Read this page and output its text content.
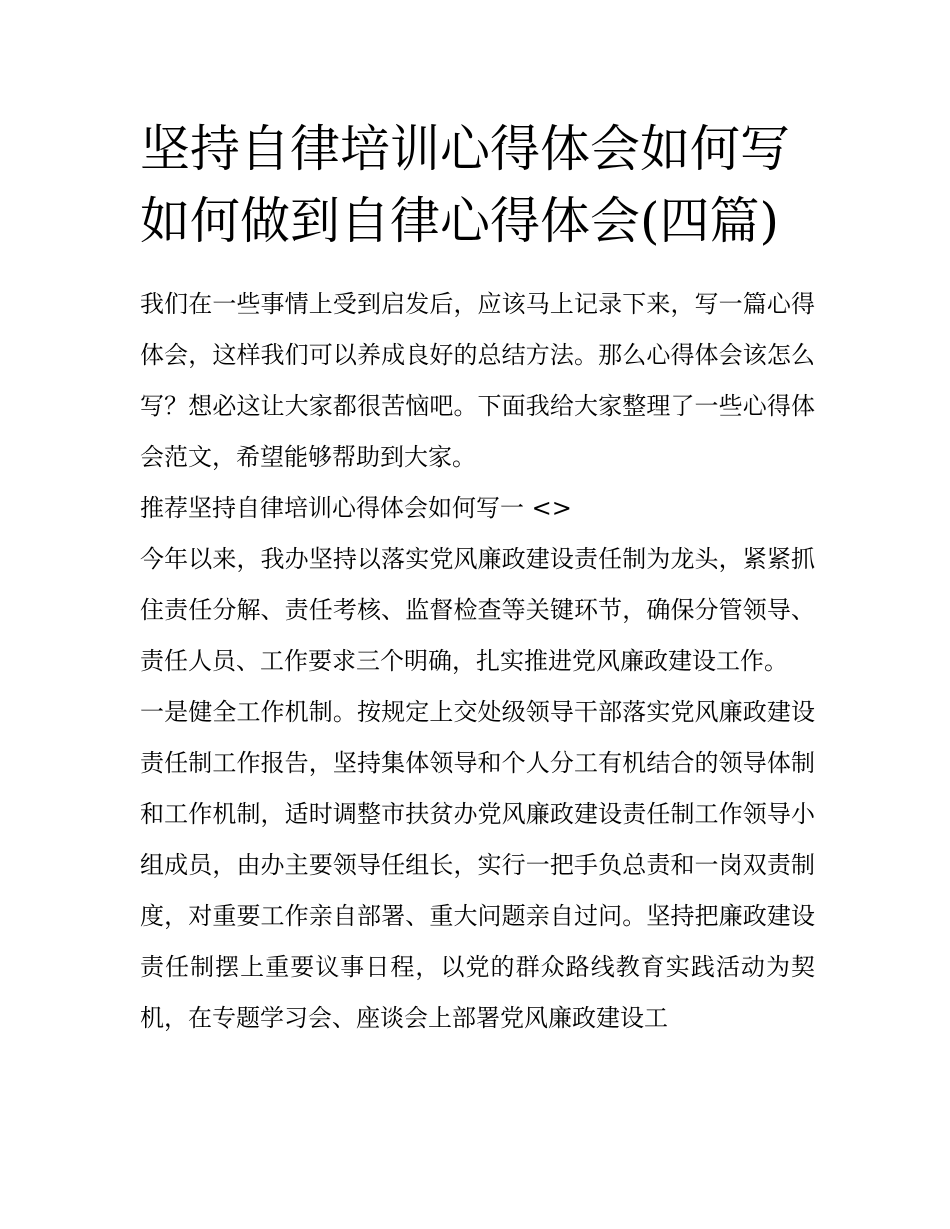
坚持自律培训心得体会如何写
如何做到自律心得体会(四篇)

我们在一些事情上受到启发后，应该马上记录下来，写一篇心得体会，这样我们可以养成良好的总结方法。那么心得体会该怎么写？想必这让大家都很苦恼吧。下面我给大家整理了一些心得体会范文，希望能够帮助到大家。

推荐坚持自律培训心得体会如何写一 <>

今年以来，我办坚持以落实党风廉政建设责任制为龙头，紧紧抓住责任分解、责任考核、监督检查等关键环节，确保分管领导、责任人员、工作要求三个明确，扎实推进党风廉政建设工作。

一是健全工作机制。按规定上交处级领导干部落实党风廉政建设责任制工作报告，坚持集体领导和个人分工有机结合的领导体制和工作机制，适时调整市扶贫办党风廉政建设责任制工作领导小组成员，由办主要领导任组长，实行一把手负总责和一岗双责制度，对重要工作亲自部署、重大问题亲自过问。坚持把廉政建设责任制摆上重要议事日程，以党的群众路线教育实践活动为契机，在专题学习会、座谈会上部署党风廉政建设工
